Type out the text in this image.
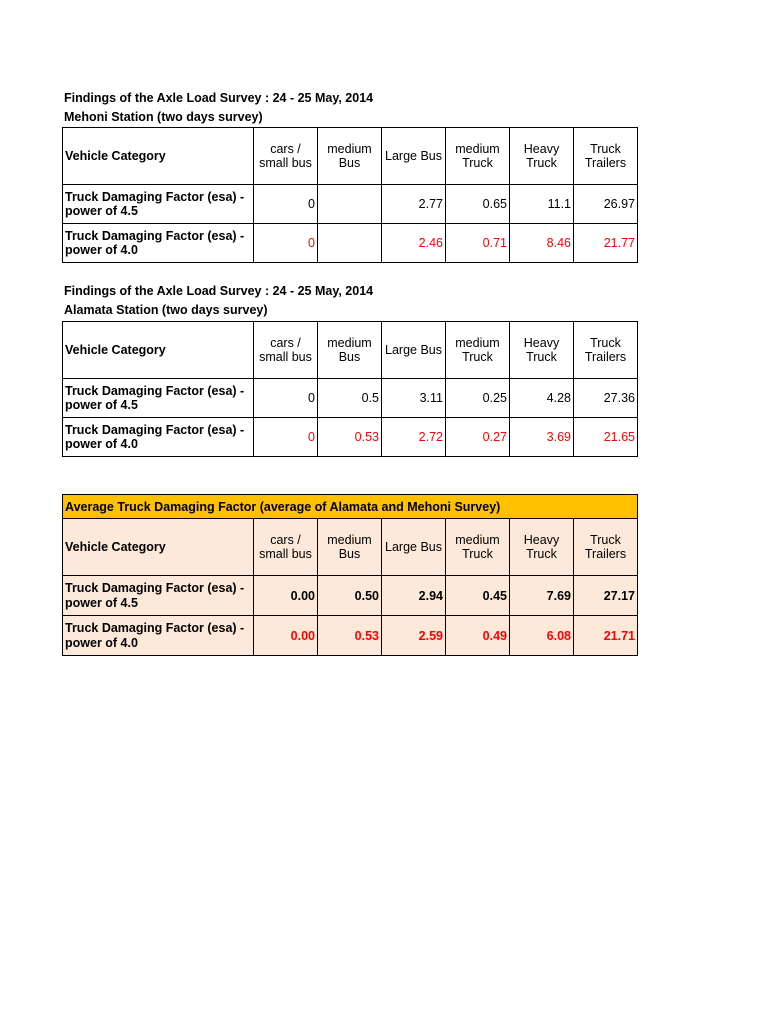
Findings of the Axle Load Survey : 24 - 25 May, 2014
Mehoni Station (two days survey)
Vehicle Category	cars / small bus	medium Bus	Large Bus	medium Truck	Heavy Truck	Truck Trailers
Truck Damaging Factor (esa) - power of 4.5	0		2.77	0.65	11.1	26.97
Truck Damaging Factor (esa) - power of 4.0	0		2.46	0.71	8.46	21.77
Findings of the Axle Load Survey : 24 - 25 May, 2014
Alamata Station (two days survey)
Vehicle Category	cars / small bus	medium Bus	Large Bus	medium Truck	Heavy Truck	Truck Trailers
Truck Damaging Factor (esa) - power of 4.5	0	0.5	3.11	0.25	4.28	27.36
Truck Damaging Factor (esa) - power of 4.0	0	0.53	2.72	0.27	3.69	21.65
Average Truck Damaging Factor (average of Alamata and Mehoni Survey)						
Vehicle Category	cars / small bus	medium Bus	Large Bus	medium Truck	Heavy Truck	Truck Trailers
Truck Damaging Factor (esa) - power of 4.5	0.00	0.50	2.94	0.45	7.69	27.17
Truck Damaging Factor (esa) - power of 4.0	0.00	0.53	2.59	0.49	6.08	21.71
